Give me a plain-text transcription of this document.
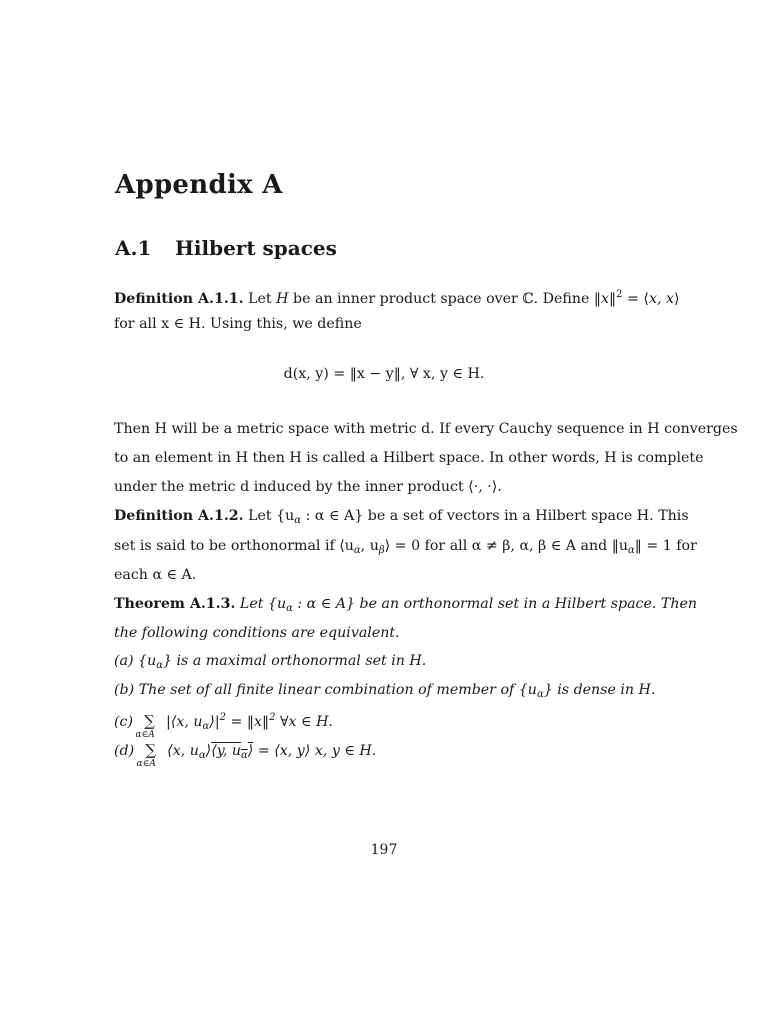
Appendix A
A.1 Hilbert spaces
Definition A.1.1. Let H be an inner product space over ℂ. Define ‖x‖$^2$ = ⟨x, x⟩
for all x ∈ H. Using this, we define
d(x, y) = ‖x − y‖, ∀ x, y ∈ H.
Then H will be a metric space with metric d. If every Cauchy sequence in H converges
to an element in H then H is called a Hilbert space. In other words, H is complete
under the metric d induced by the inner product ⟨·, ·⟩.
Definition A.1.2. Let {$u_\alpha$ : α ∈ A} be a set of vectors in a Hilbert space H. This
set is said to be orthonormal if $⟨u_\alpha$, $u_\beta⟩ = 0$ for all α ≠ β, α, β ∈ A and $‖u_\alpha‖ = 1$ for
each α ∈ A.
Theorem A.1.3. Let {$u_\alpha$ : α ∈ A} be an orthonormal set in a Hilbert space. Then
the following conditions are equivalent.
(a) $\{u_\alpha\}$ is a maximal orthonormal set in H.
(b) The set of all finite linear combination of member of $\{u_\alpha\}$ is dense in H.
(c) ∑
α∈A
|⟨x, $u_\alpha⟩|^2$ = ‖x‖$^2$ ∀x ∈ H.
(d) ∑
α∈A
⟨x, $u_\alpha⟩⟨y$, $u_\alpha⟩$ = ⟨x, y⟩ x, y ∈ H.
197
